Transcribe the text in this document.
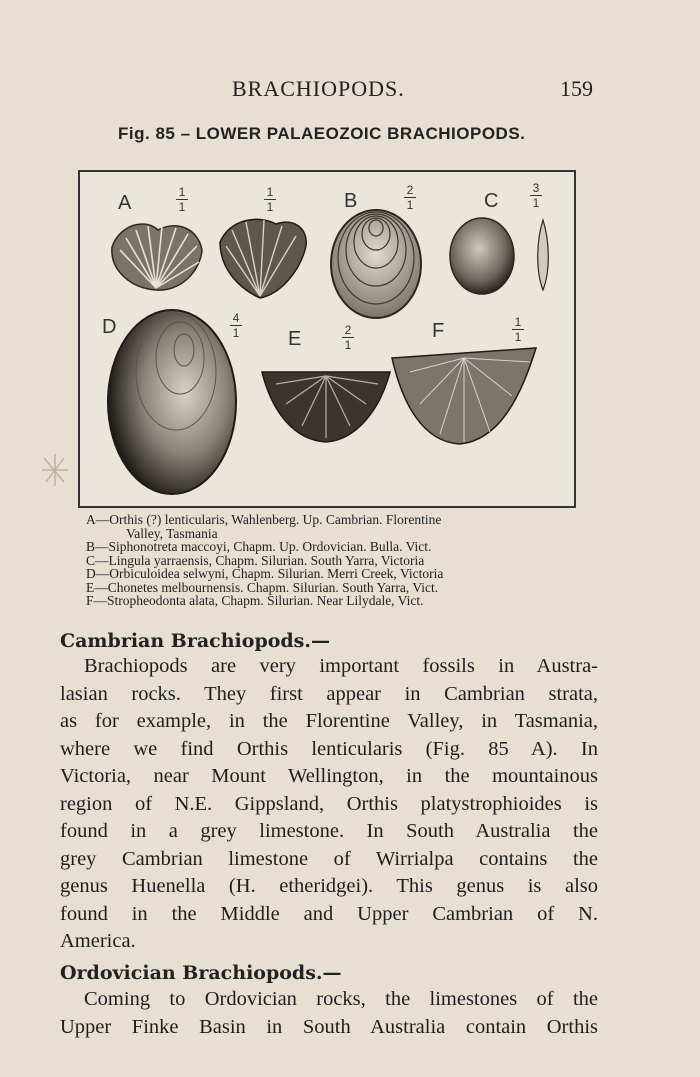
BRACHIOPODS.	159
Fig. 85 – LOWER PALAEOZOIC BRACHIOPODS.
A	B	C
D
E	F
1
1
1
1
2
1
3
1
4
1	2
1
1
1
A—Orthis (?) lenticularis, Wahlenberg. Up. Cambrian. Florentine
Valley, Tasmania
B—Siphonotreta maccoyi, Chapm. Up. Ordovician. Bulla. Vict.
C—Lingula yarraensis, Chapm. Silurian. South Yarra, Victoria
D—Orbiculoidea selwyni, Chapm. Silurian. Merri Creek, Victoria
E—Chonetes melbournensis. Chapm. Silurian. South Yarra, Vict.
F—Stropheodonta alata, Chapm. Silurian. Near Lilydale, Vict.
Cambrian Brachiopods.—
Brachiopods are very important fossils in Austra-
lasian rocks. They first appear in Cambrian strata,
as for example, in the Florentine Valley, in Tasmania,
where we find Orthis lenticularis (Fig. 85 A). In
Victoria, near Mount Wellington, in the mountainous
region of N.E. Gippsland, Orthis platystrophioides is
found in a grey limestone. In South Australia the
grey Cambrian limestone of Wirrialpa contains the
genus Huenella (H. etheridgei). This genus is also
found in the Middle and Upper Cambrian of N.
America.
Ordovician Brachiopods.—
Coming to Ordovician rocks, the limestones of the
Upper Finke Basin in South Australia contain Orthis
